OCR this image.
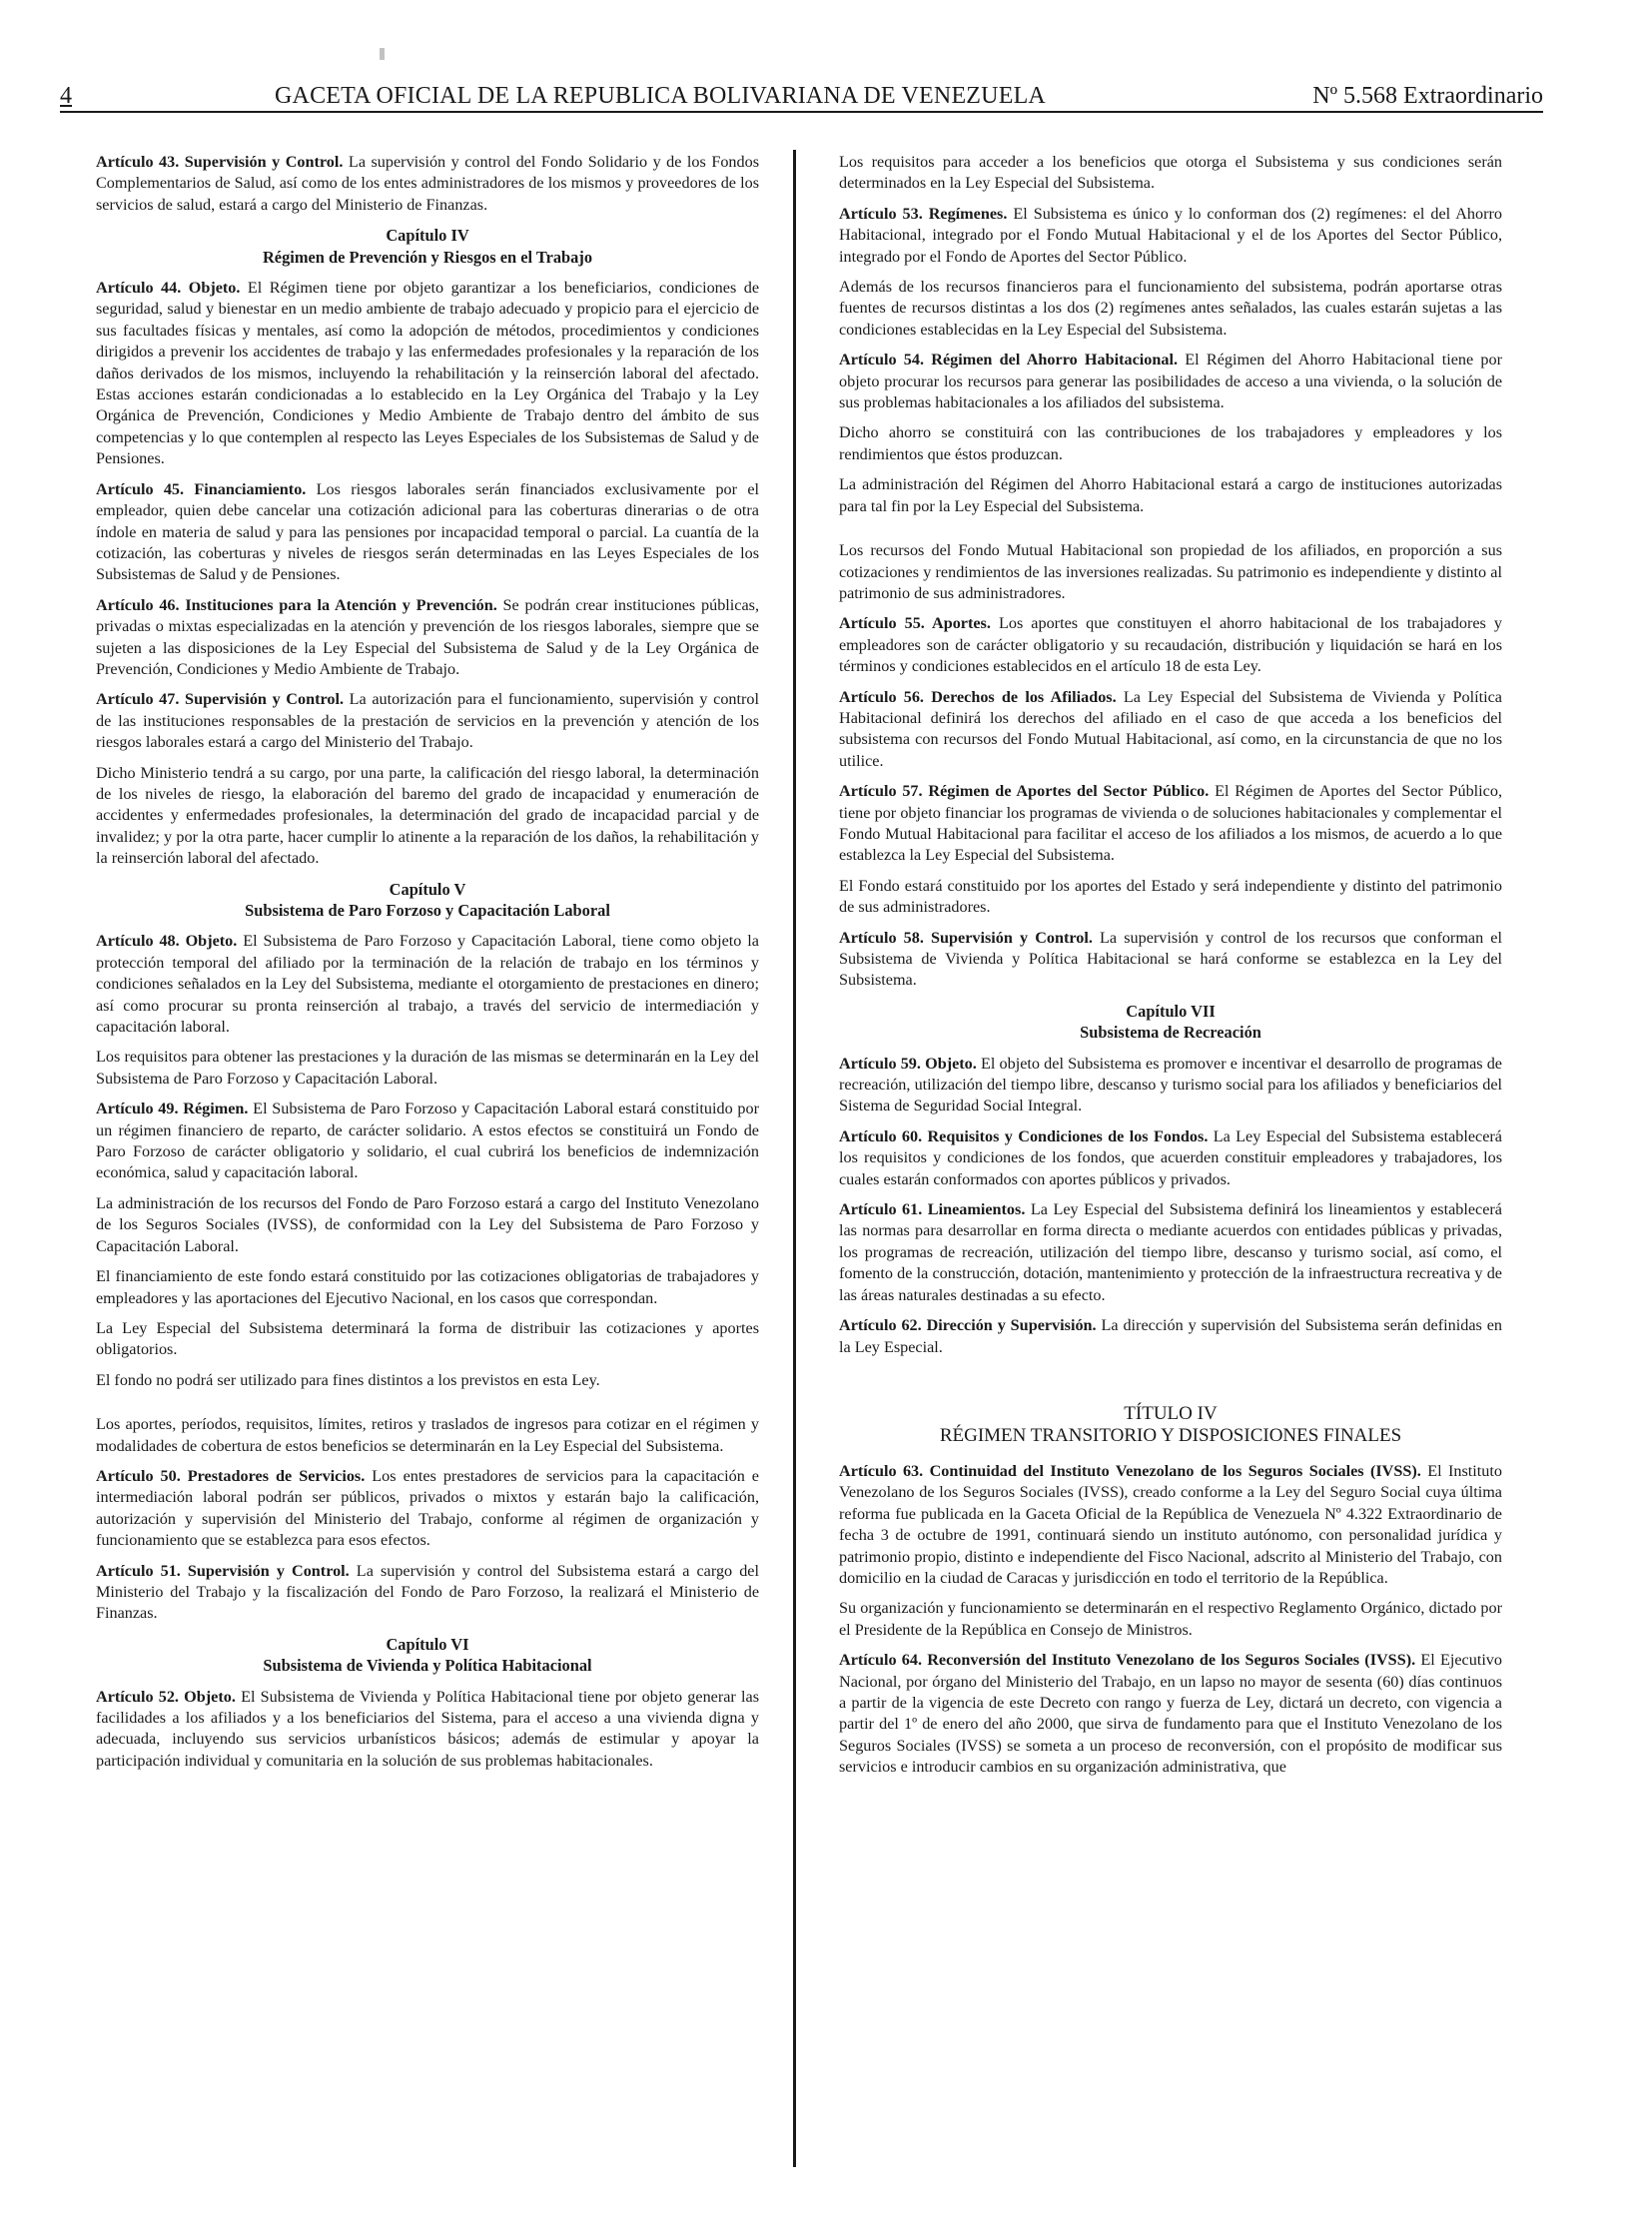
4	GACETA OFICIAL DE LA REPUBLICA BOLIVARIANA DE VENEZUELA	Nº 5.568 Extraordinario

Artículo 43. Supervisión y Control. La supervisión y control del Fondo Solidario y de los Fondos Complementarios de Salud, así como de los entes administradores de los mismos y proveedores de los servicios de salud, estará a cargo del Ministerio de Finanzas.

Capítulo IV
Régimen de Prevención y Riesgos en el Trabajo

Artículo 44. Objeto. El Régimen tiene por objeto garantizar a los beneficiarios, condiciones de seguridad, salud y bienestar en un medio ambiente de trabajo adecuado y propicio para el ejercicio de sus facultades físicas y mentales, así como la adopción de métodos, procedimientos y condiciones dirigidos a prevenir los accidentes de trabajo y las enfermedades profesionales y la reparación de los daños derivados de los mismos, incluyendo la rehabilitación y la reinserción laboral del afectado. Estas acciones estarán condicionadas a lo establecido en la Ley Orgánica del Trabajo y la Ley Orgánica de Prevención, Condiciones y Medio Ambiente de Trabajo dentro del ámbito de sus competencias y lo que contemplen al respecto las Leyes Especiales de los Subsistemas de Salud y de Pensiones.

Artículo 45. Financiamiento. Los riesgos laborales serán financiados exclusivamente por el empleador, quien debe cancelar una cotización adicional para las coberturas dinerarias o de otra índole en materia de salud y para las pensiones por incapacidad temporal o parcial. La cuantía de la cotización, las coberturas y niveles de riesgos serán determinadas en las Leyes Especiales de los Subsistemas de Salud y de Pensiones.

Artículo 46. Instituciones para la Atención y Prevención. Se podrán crear instituciones públicas, privadas o mixtas especializadas en la atención y prevención de los riesgos laborales, siempre que se sujeten a las disposiciones de la Ley Especial del Subsistema de Salud y de la Ley Orgánica de Prevención, Condiciones y Medio Ambiente de Trabajo.

Artículo 47. Supervisión y Control. La autorización para el funcionamiento, supervisión y control de las instituciones responsables de la prestación de servicios en la prevención y atención de los riesgos laborales estará a cargo del Ministerio del Trabajo.

Dicho Ministerio tendrá a su cargo, por una parte, la calificación del riesgo laboral, la determinación de los niveles de riesgo, la elaboración del baremo del grado de incapacidad y enumeración de accidentes y enfermedades profesionales, la determinación del grado de incapacidad parcial y de invalidez; y por la otra parte, hacer cumplir lo atinente a la reparación de los daños, la rehabilitación y la reinserción laboral del afectado.

Capítulo V
Subsistema de Paro Forzoso y Capacitación Laboral

Artículo 48. Objeto. El Subsistema de Paro Forzoso y Capacitación Laboral, tiene como objeto la protección temporal del afiliado por la terminación de la relación de trabajo en los términos y condiciones señalados en la Ley del Subsistema, mediante el otorgamiento de prestaciones en dinero; así como procurar su pronta reinserción al trabajo, a través del servicio de intermediación y capacitación laboral.

Los requisitos para obtener las prestaciones y la duración de las mismas se determinarán en la Ley del Subsistema de Paro Forzoso y Capacitación Laboral.

Artículo 49. Régimen. El Subsistema de Paro Forzoso y Capacitación Laboral estará constituido por un régimen financiero de reparto, de carácter solidario. A estos efectos se constituirá un Fondo de Paro Forzoso de carácter obligatorio y solidario, el cual cubrirá los beneficios de indemnización económica, salud y capacitación laboral.

La administración de los recursos del Fondo de Paro Forzoso estará a cargo del Instituto Venezolano de los Seguros Sociales (IVSS), de conformidad con la Ley del Subsistema de Paro Forzoso y Capacitación Laboral.

El financiamiento de este fondo estará constituido por las cotizaciones obligatorias de trabajadores y empleadores y las aportaciones del Ejecutivo Nacional, en los casos que correspondan.

La Ley Especial del Subsistema determinará la forma de distribuir las cotizaciones y aportes obligatorios.

El fondo no podrá ser utilizado para fines distintos a los previstos en esta Ley.

Los aportes, períodos, requisitos, límites, retiros y traslados de ingresos para cotizar en el régimen y modalidades de cobertura de estos beneficios se determinarán en la Ley Especial del Subsistema.

Artículo 50. Prestadores de Servicios. Los entes prestadores de servicios para la capacitación e intermediación laboral podrán ser públicos, privados o mixtos y estarán bajo la calificación, autorización y supervisión del Ministerio del Trabajo, conforme al régimen de organización y funcionamiento que se establezca para esos efectos.

Artículo 51. Supervisión y Control. La supervisión y control del Subsistema estará a cargo del Ministerio del Trabajo y la fiscalización del Fondo de Paro Forzoso, la realizará el Ministerio de Finanzas.

Capítulo VI
Subsistema de Vivienda y Política Habitacional

Artículo 52. Objeto. El Subsistema de Vivienda y Política Habitacional tiene por objeto generar las facilidades a los afiliados y a los beneficiarios del Sistema, para el acceso a una vivienda digna y adecuada, incluyendo sus servicios urbanísticos básicos; además de estimular y apoyar la participación individual y comunitaria en la solución de sus problemas habitacionales.

Los requisitos para acceder a los beneficios que otorga el Subsistema y sus condiciones serán determinados en la Ley Especial del Subsistema.

Artículo 53. Regímenes. El Subsistema es único y lo conforman dos (2) regímenes: el del Ahorro Habitacional, integrado por el Fondo Mutual Habitacional y el de los Aportes del Sector Público, integrado por el Fondo de Aportes del Sector Público.

Además de los recursos financieros para el funcionamiento del subsistema, podrán aportarse otras fuentes de recursos distintas a los dos (2) regímenes antes señalados, las cuales estarán sujetas a las condiciones establecidas en la Ley Especial del Subsistema.

Artículo 54. Régimen del Ahorro Habitacional. El Régimen del Ahorro Habitacional tiene por objeto procurar los recursos para generar las posibilidades de acceso a una vivienda, o la solución de sus problemas habitacionales a los afiliados del subsistema.

Dicho ahorro se constituirá con las contribuciones de los trabajadores y empleadores y los rendimientos que éstos produzcan.

La administración del Régimen del Ahorro Habitacional estará a cargo de instituciones autorizadas para tal fin por la Ley Especial del Subsistema.

Los recursos del Fondo Mutual Habitacional son propiedad de los afiliados, en proporción a sus cotizaciones y rendimientos de las inversiones realizadas. Su patrimonio es independiente y distinto al patrimonio de sus administradores.

Artículo 55. Aportes. Los aportes que constituyen el ahorro habitacional de los trabajadores y empleadores son de carácter obligatorio y su recaudación, distribución y liquidación se hará en los términos y condiciones establecidos en el artículo 18 de esta Ley.

Artículo 56. Derechos de los Afiliados. La Ley Especial del Subsistema de Vivienda y Política Habitacional definirá los derechos del afiliado en el caso de que acceda a los beneficios del subsistema con recursos del Fondo Mutual Habitacional, así como, en la circunstancia de que no los utilice.

Artículo 57. Régimen de Aportes del Sector Público. El Régimen de Aportes del Sector Público, tiene por objeto financiar los programas de vivienda o de soluciones habitacionales y complementar el Fondo Mutual Habitacional para facilitar el acceso de los afiliados a los mismos, de acuerdo a lo que establezca la Ley Especial del Subsistema.

El Fondo estará constituido por los aportes del Estado y será independiente y distinto del patrimonio de sus administradores.

Artículo 58. Supervisión y Control. La supervisión y control de los recursos que conforman el Subsistema de Vivienda y Política Habitacional se hará conforme se establezca en la Ley del Subsistema.

Capítulo VII
Subsistema de Recreación

Artículo 59. Objeto. El objeto del Subsistema es promover e incentivar el desarrollo de programas de recreación, utilización del tiempo libre, descanso y turismo social para los afiliados y beneficiarios del Sistema de Seguridad Social Integral.

Artículo 60. Requisitos y Condiciones de los Fondos. La Ley Especial del Subsistema establecerá los requisitos y condiciones de los fondos, que acuerden constituir empleadores y trabajadores, los cuales estarán conformados con aportes públicos y privados.

Artículo 61. Lineamientos. La Ley Especial del Subsistema definirá los lineamientos y establecerá las normas para desarrollar en forma directa o mediante acuerdos con entidades públicas y privadas, los programas de recreación, utilización del tiempo libre, descanso y turismo social, así como, el fomento de la construcción, dotación, mantenimiento y protección de la infraestructura recreativa y de las áreas naturales destinadas a su efecto.

Artículo 62. Dirección y Supervisión. La dirección y supervisión del Subsistema serán definidas en la Ley Especial.

TÍTULO IV
RÉGIMEN TRANSITORIO Y DISPOSICIONES FINALES

Artículo 63. Continuidad del Instituto Venezolano de los Seguros Sociales (IVSS). El Instituto Venezolano de los Seguros Sociales (IVSS), creado conforme a la Ley del Seguro Social cuya última reforma fue publicada en la Gaceta Oficial de la República de Venezuela Nº 4.322 Extraordinario de fecha 3 de octubre de 1991, continuará siendo un instituto autónomo, con personalidad jurídica y patrimonio propio, distinto e independiente del Fisco Nacional, adscrito al Ministerio del Trabajo, con domicilio en la ciudad de Caracas y jurisdicción en todo el territorio de la República.

Su organización y funcionamiento se determinarán en el respectivo Reglamento Orgánico, dictado por el Presidente de la República en Consejo de Ministros.

Artículo 64. Reconversión del Instituto Venezolano de los Seguros Sociales (IVSS). El Ejecutivo Nacional, por órgano del Ministerio del Trabajo, en un lapso no mayor de sesenta (60) días continuos a partir de la vigencia de este Decreto con rango y fuerza de Ley, dictará un decreto, con vigencia a partir del 1º de enero del año 2000, que sirva de fundamento para que el Instituto Venezolano de los Seguros Sociales (IVSS) se someta a un proceso de reconversión, con el propósito de modificar sus servicios e introducir cambios en su organización administrativa, que
